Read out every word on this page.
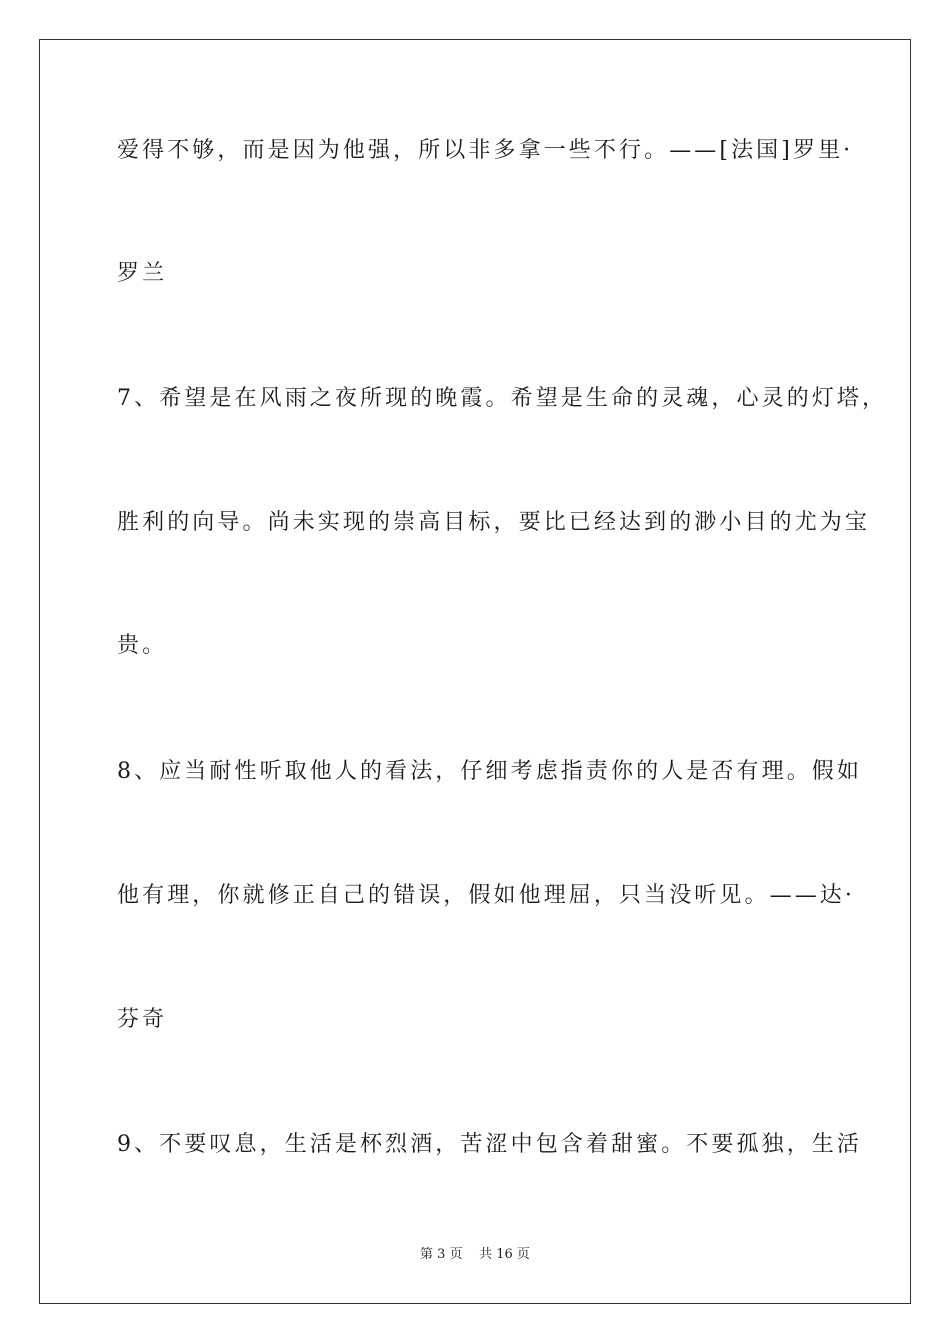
爱得不够，而是因为他强，所以非多拿一些不行。——[法国]罗里·
罗兰
7、希望是在风雨之夜所现的晚霞。希望是生命的灵魂，心灵的灯塔，
胜利的向导。尚未实现的崇高目标，要比已经达到的渺小目的尤为宝
贵。
8、应当耐性听取他人的看法，仔细考虑指责你的人是否有理。假如
他有理，你就修正自己的错误，假如他理屈，只当没听见。——达·
芬奇
9、不要叹息，生活是杯烈酒，苦涩中包含着甜蜜。不要孤独，生活
第 3 页 共 16 页
